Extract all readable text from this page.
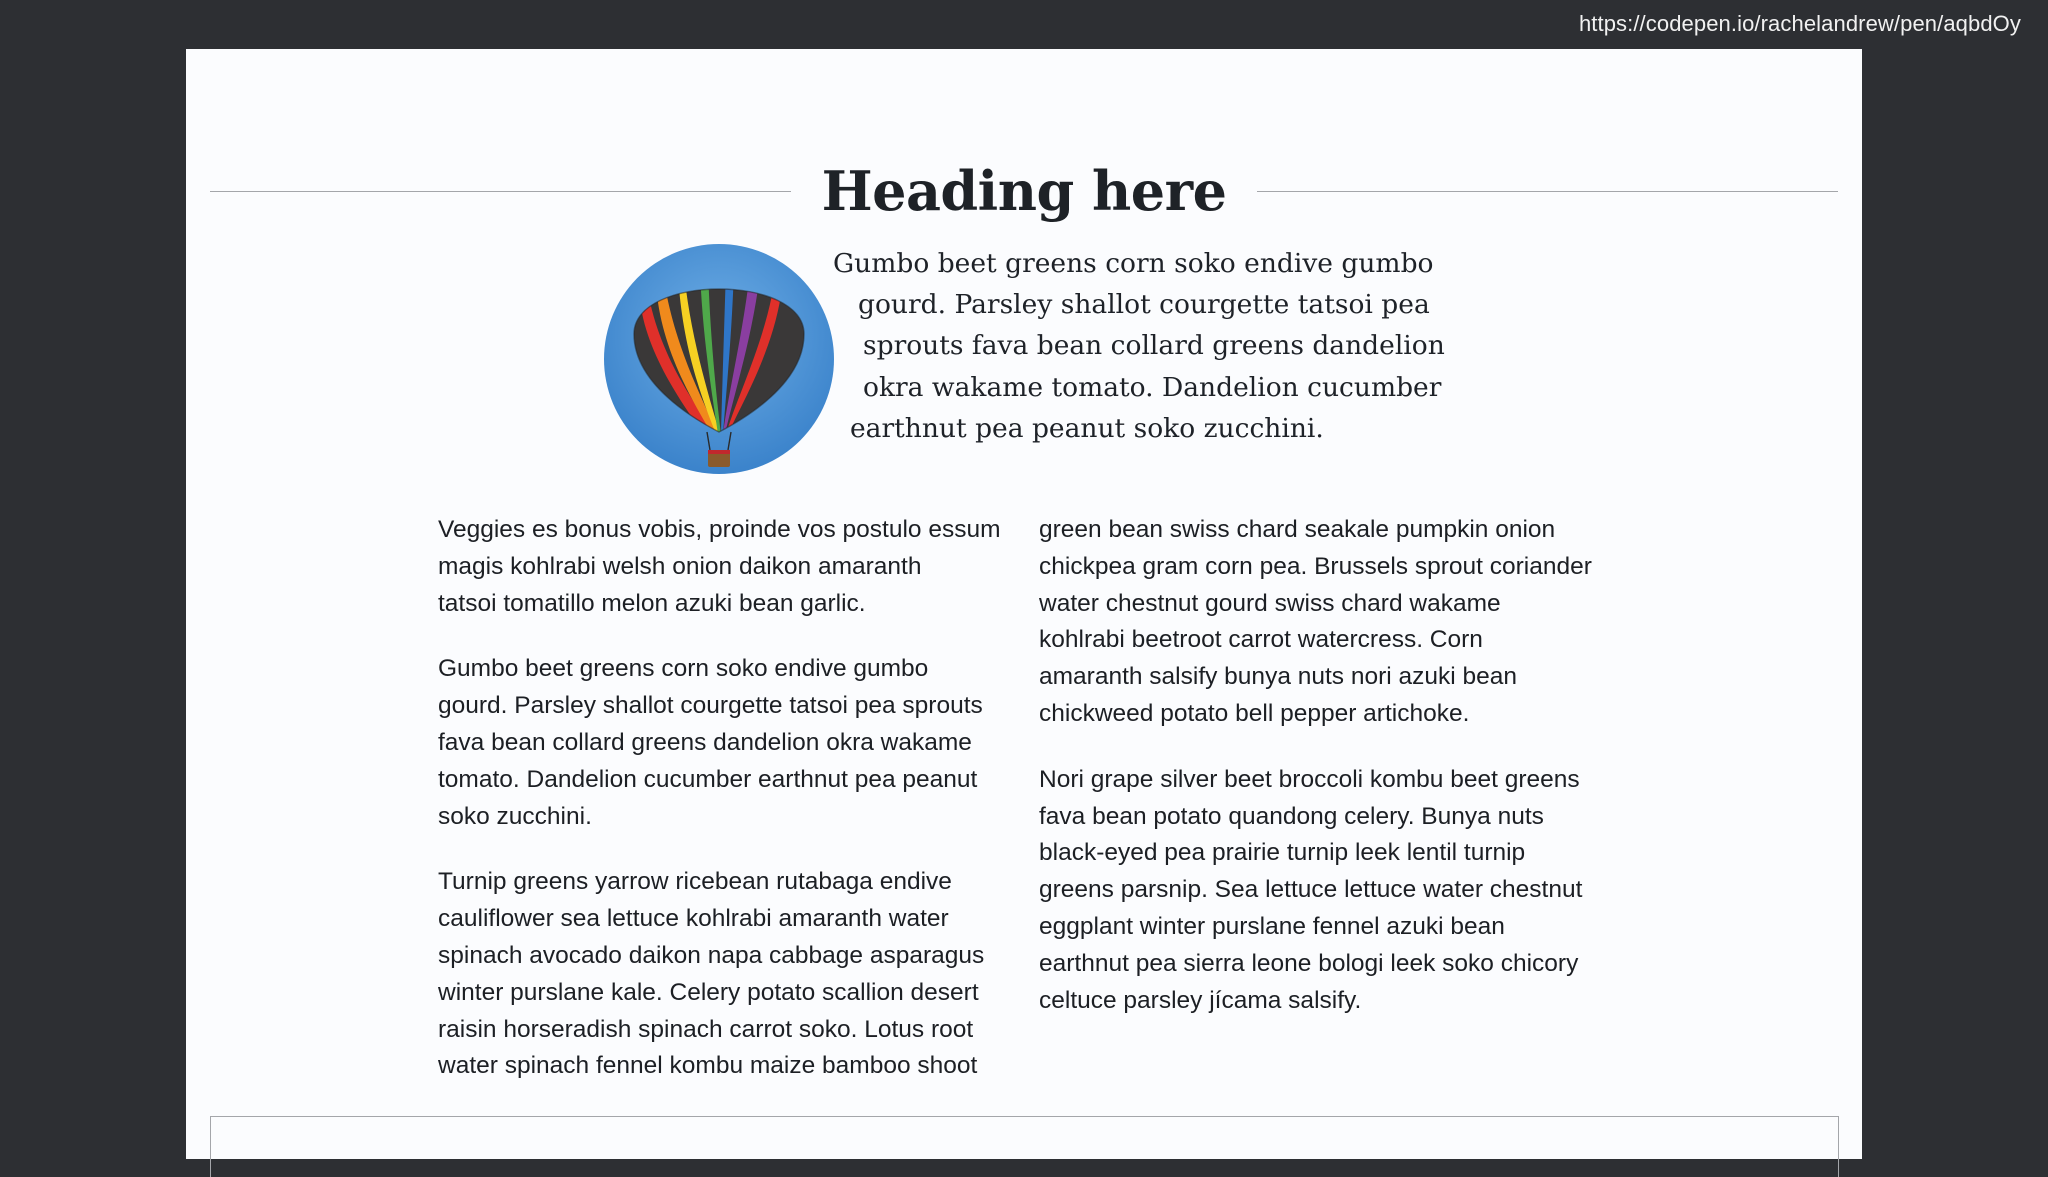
https://codepen.io/rachelandrew/pen/aqbdOy
Heading here
Gumbo beet greens corn soko endive gumbo
gourd. Parsley shallot courgette tatsoi pea
sprouts fava bean collard greens dandelion
okra wakame tomato. Dandelion cucumber
earthnut pea peanut soko zucchini.

Veggies es bonus vobis, proinde vos postulo essum
magis kohlrabi welsh onion daikon amaranth
tatsoi tomatillo melon azuki bean garlic.

Gumbo beet greens corn soko endive gumbo
gourd. Parsley shallot courgette tatsoi pea sprouts
fava bean collard greens dandelion okra wakame
tomato. Dandelion cucumber earthnut pea peanut
soko zucchini.

Turnip greens yarrow ricebean rutabaga endive
cauliflower sea lettuce kohlrabi amaranth water
spinach avocado daikon napa cabbage asparagus
winter purslane kale. Celery potato scallion desert
raisin horseradish spinach carrot soko. Lotus root
water spinach fennel kombu maize bamboo shoot

green bean swiss chard seakale pumpkin onion
chickpea gram corn pea. Brussels sprout coriander
water chestnut gourd swiss chard wakame
kohlrabi beetroot carrot watercress. Corn
amaranth salsify bunya nuts nori azuki bean
chickweed potato bell pepper artichoke.

Nori grape silver beet broccoli kombu beet greens
fava bean potato quandong celery. Bunya nuts
black-eyed pea prairie turnip leek lentil turnip
greens parsnip. Sea lettuce lettuce water chestnut
eggplant winter purslane fennel azuki bean
earthnut pea sierra leone bologi leek soko chicory
celtuce parsley jícama salsify.
